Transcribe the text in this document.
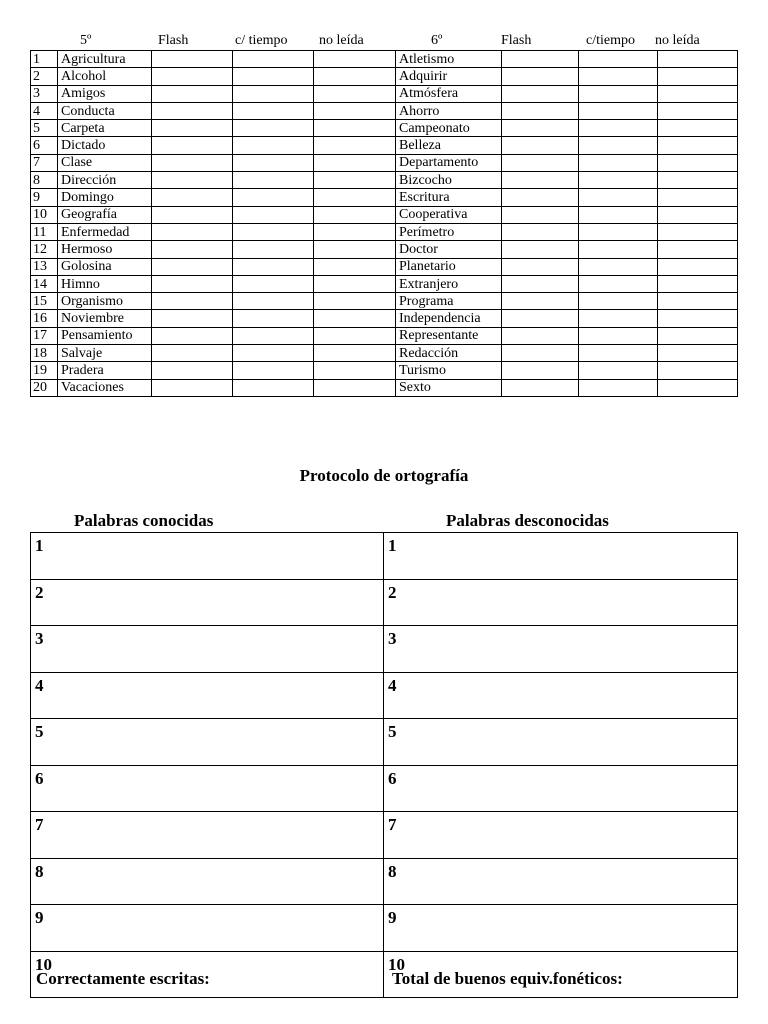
5º	Flash	c/ tiempo no leída	6º	Flash	c/tiempo no leída
1	Agricultura				Atletismo			
2	Alcohol				Adquirir			
3	Amigos				Atmósfera			
4	Conducta				Ahorro			
5	Carpeta				Campeonato			
6	Dictado				Belleza			
7	Clase				Departamento			
8	Dirección				Bizcocho			
9	Domingo				Escritura			
10	Geografía				Cooperativa			
11	Enfermedad				Perímetro			
12	Hermoso				Doctor			
13	Golosina				Planetario			
14	Himno				Extranjero			
15	Organismo				Programa			
16	Noviembre				Independencia			
17	Pensamiento				Representante			
18	Salvaje				Redacción			
19	Pradera				Turismo			
20	Vacaciones				Sexto			
Protocolo de ortografía
Palabras conocidas	Palabras desconocidas
1	1
2	2
3	3
4	4
5	5
6	6
7	7
8	8
9	9
10	10
Correctamente escritas:	Total de buenos equiv.fonéticos:
